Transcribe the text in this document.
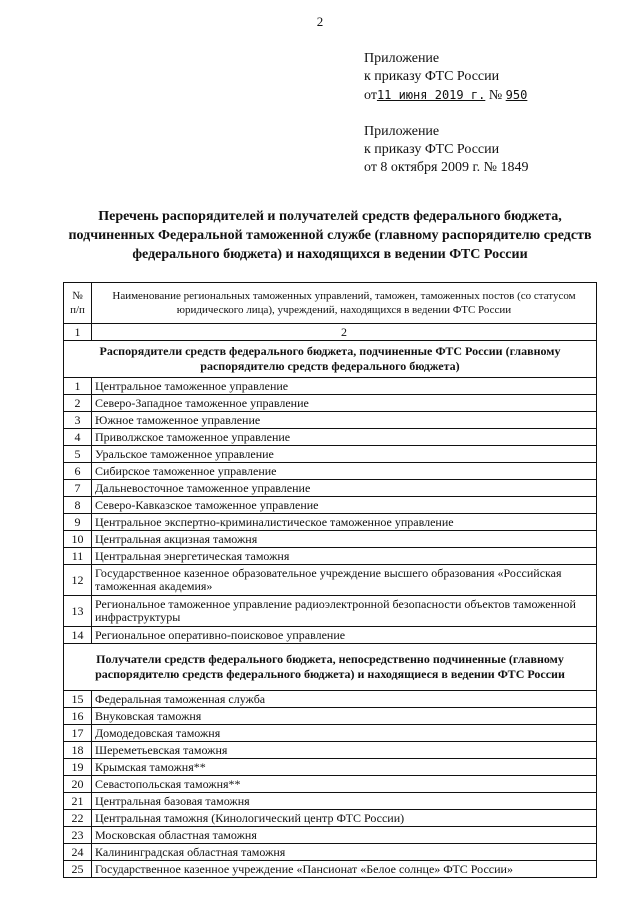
2
Приложение
к приказу ФТС России
от11 июня 2019 г. № 950
Приложение
к приказу ФТС России
от 8 октября 2009 г. № 1849
Перечень распорядителей и получателей средств федерального бюджета, подчиненных Федеральной таможенной службе (главному распорядителю средств федерального бюджета) и находящихся в ведении ФТС России
№ п/п	Наименование региональных таможенных управлений, таможен, таможенных постов (со статусом юридического лица), учреждений, находящихся в ведении ФТС России
1	2
Распорядители средств федерального бюджета, подчиненные ФТС России (главному распорядителю средств федерального бюджета)	
1	Центральное таможенное управление
2	Северо-Западное таможенное управление
3	Южное таможенное управление
4	Приволжское таможенное управление
5	Уральское таможенное управление
6	Сибирское таможенное управление
7	Дальневосточное таможенное управление
8	Северо-Кавказское таможенное управление
9	Центральное экспертно-криминалистическое таможенное управление
10	Центральная акцизная таможня
11	Центральная энергетическая таможня
12	Государственное казенное образовательное учреждение высшего образования «Российская таможенная академия»
13	Региональное таможенное управление радиоэлектронной безопасности объектов таможенной инфраструктуры
14	Региональное оперативно-поисковое управление
Получатели средств федерального бюджета, непосредственно подчиненные (главному распорядителю средств федерального бюджета) и находящиеся в ведении ФТС России	
15	Федеральная таможенная служба
16	Внуковская таможня
17	Домодедовская таможня
18	Шереметьевская таможня
19	Крымская таможня**
20	Севастопольская таможня**
21	Центральная базовая таможня
22	Центральная таможня (Кинологический центр ФТС России)
23	Московская областная таможня
24	Калининградская областная таможня
25	Государственное казенное учреждение «Пансионат «Белое солнце» ФТС России»
